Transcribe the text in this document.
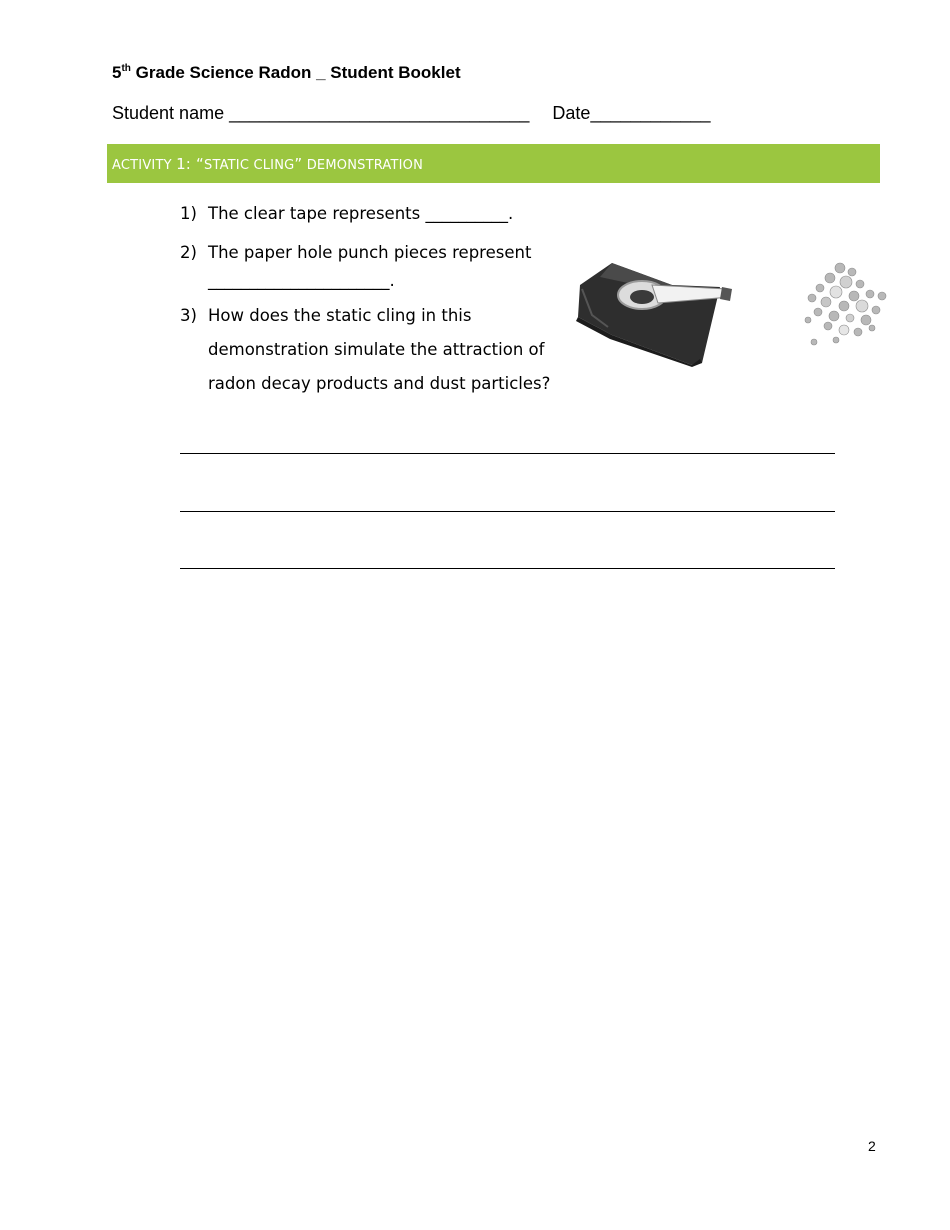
5th Grade Science Radon _ Student Booklet
Student name ______________________________ Date____________
ACTIVITY 1: “STATIC CLING” DEMONSTRATION
1) The clear tape represents __________.
2) The paper hole punch pieces represent
______________________.
3) How does the static cling in this
demonstration simulate the attraction of
radon decay products and dust particles?
2
